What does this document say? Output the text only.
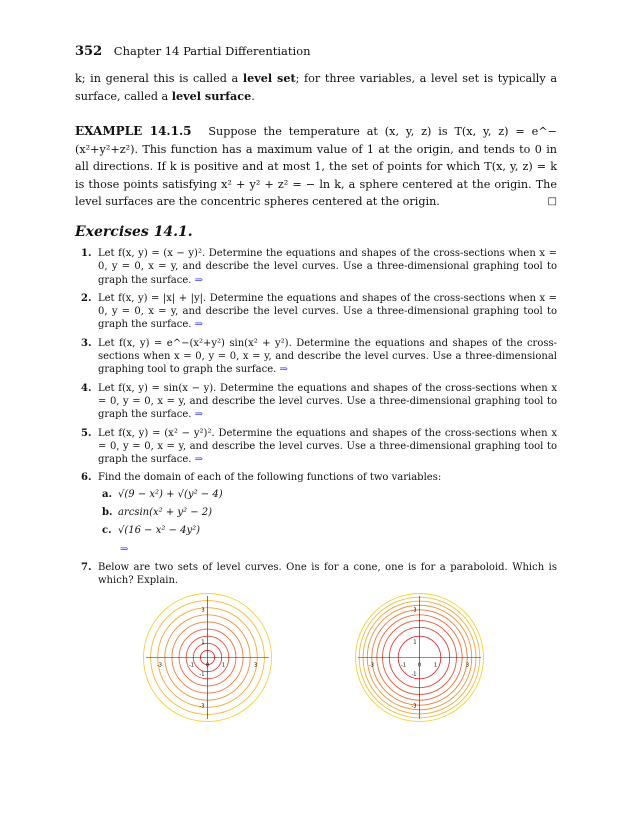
352 Chapter 14 Partial Differentiation
k; in general this is called a level set; for three variables, a level set is typically a surface, called a level surface.
EXAMPLE 14.1.5 Suppose the temperature at (x, y, z) is T(x, y, z) = e^−(x²+y²+z²). This function has a maximum value of 1 at the origin, and tends to 0 in all directions. If k is positive and at most 1, the set of points for which T(x, y, z) = k is those points satisfying x² + y² + z² = − ln k, a sphere centered at the origin. The level surfaces are the concentric spheres centered at the origin.	□
Exercises 14.1.
1. Let f(x, y) = (x − y)². Determine the equations and shapes of the cross-sections when x = 0, y = 0, x = y, and describe the level curves. Use a three-dimensional graphing tool to graph the surface. ⇒
2. Let f(x, y) = |x| + |y|. Determine the equations and shapes of the cross-sections when x = 0, y = 0, x = y, and describe the level curves. Use a three-dimensional graphing tool to graph the surface. ⇒
3. Let f(x, y) = e^−(x²+y²) sin(x² + y²). Determine the equations and shapes of the cross-sections when x = 0, y = 0, x = y, and describe the level curves. Use a three-dimensional graphing tool to graph the surface. ⇒
4. Let f(x, y) = sin(x − y). Determine the equations and shapes of the cross-sections when x = 0, y = 0, x = y, and describe the level curves. Use a three-dimensional graphing tool to graph the surface. ⇒
5. Let f(x, y) = (x² − y²)². Determine the equations and shapes of the cross-sections when x = 0, y = 0, x = y, and describe the level curves. Use a three-dimensional graphing tool to graph the surface. ⇒
6. Find the domain of each of the following functions of two variables:
a. √(9 − x²) + √(y² − 4)
b. arcsin(x² + y² − 2)
c. √(16 − x² − 4y²)
⇒
7. Below are two sets of level curves. One is for a cone, one is for a paraboloid. Which is which? Explain.
-3	-1 0	1	3
3
1
-1
-3
-3	-1 0	1	3
3
1
-1
-3
